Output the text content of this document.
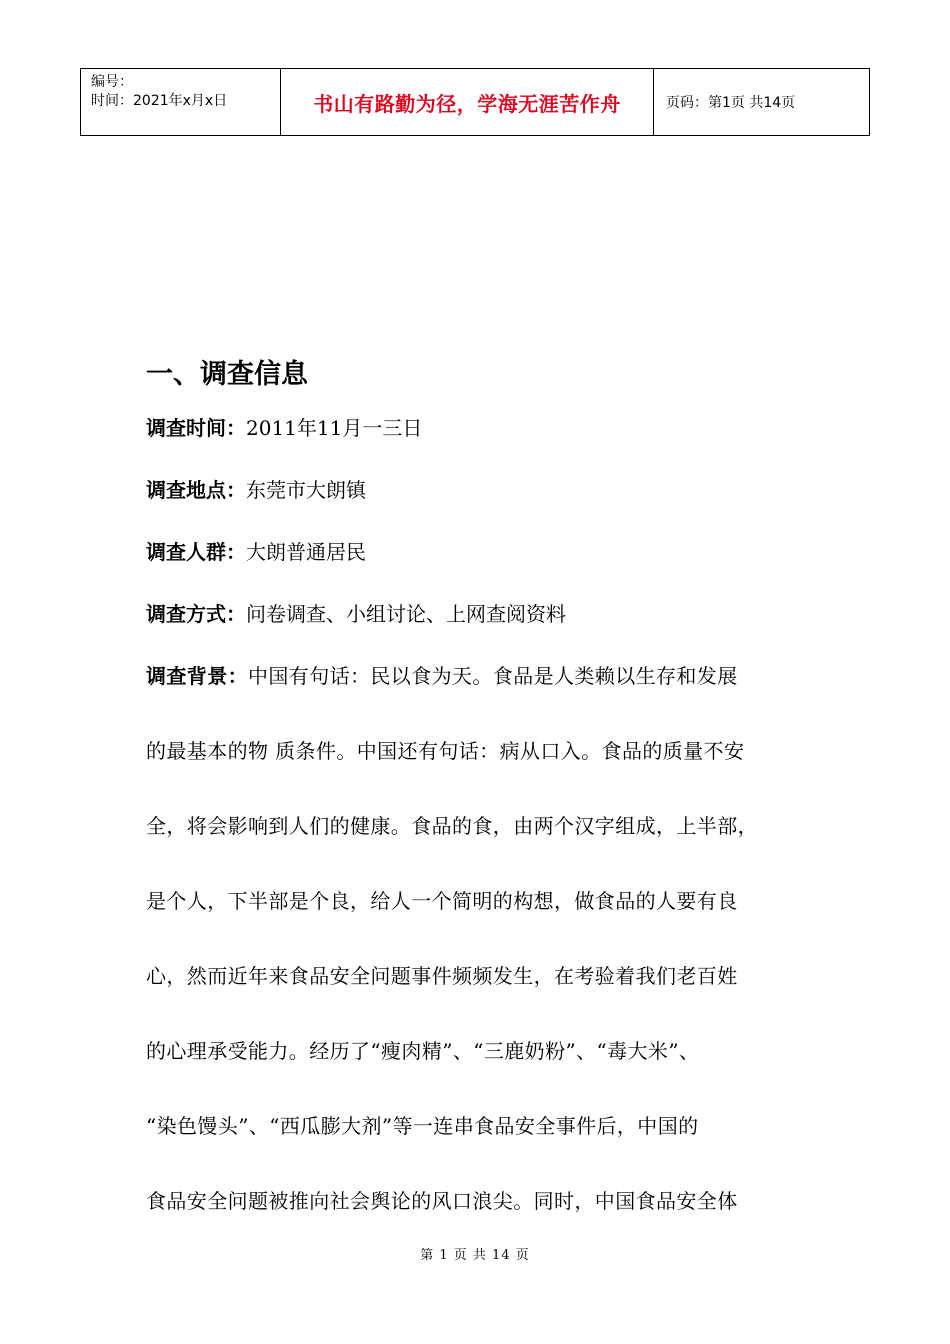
编号：
时间：2021年x月x日	书山有路勤为径，学海无涯苦作舟	页码：第1页 共14页
一、调查信息
调查时间：2011年11月一三日
调查地点：东莞市大朗镇
调查人群：大朗普通居民
调查方式：问卷调查、小组讨论、上网查阅资料
调查背景：中国有句话：民以食为天。食品是人类赖以生存和发展
的最基本的物 质条件。中国还有句话：病从口入。食品的质量不安
全，将会影响到人们的健康。食品的食，由两个汉字组成，上半部，
是个人，下半部是个良，给人一个简明的构想，做食品的人要有良
心，然而近年来食品安全问题事件频频发生，在考验着我们老百姓
的心理承受能力。经历了“瘦肉精”、“三鹿奶粉”、“毒大米”、
“染色馒头”、“西瓜膨大剂”等一连串食品安全事件后，中国的
食品安全问题被推向社会舆论的风口浪尖。同时，中国食品安全体
第 1 页 共 14 页
